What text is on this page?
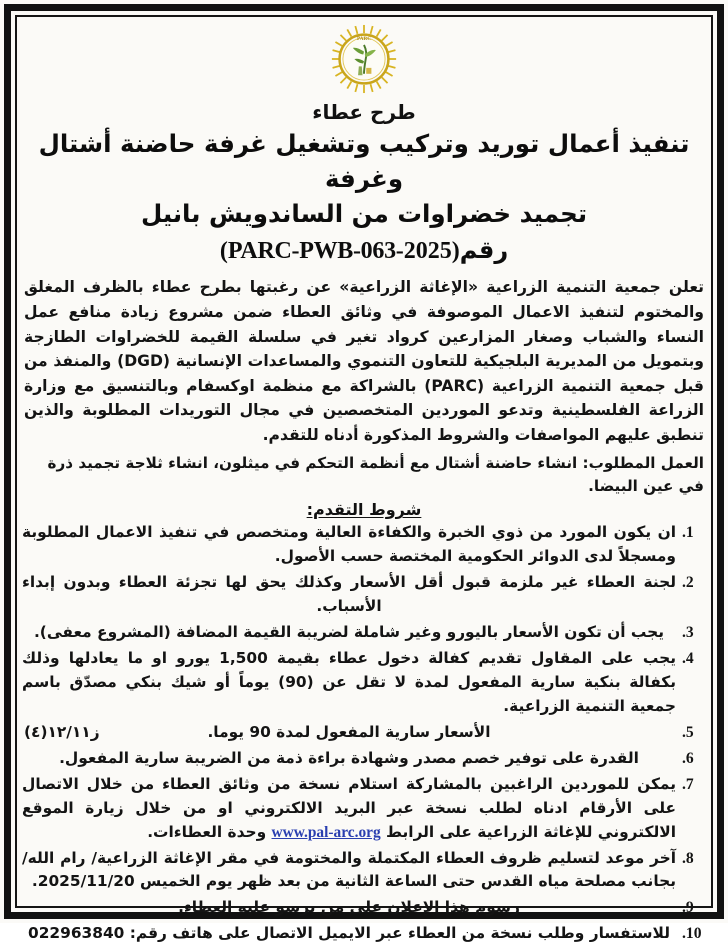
PARC
طرح عطاء
تنفيذ أعمال توريد وتركيب وتشغيل غرفة حاضنة أشتال وغرفة
تجميد خضراوات من الساندويش بانيل
رقم(2025-PARC-PWB-063)

تعلن جمعية التنمية الزراعية «الإغاثة الزراعية» عن رغبتها بطرح عطاء بالظرف المغلق والمختوم لتنفيذ الاعمال الموصوفة في وثائق العطاء ضمن مشروع زيادة منافع عمل النساء والشباب وصغار المزارعين كرواد تغير في سلسلة القيمة للخضراوات الطازجة وبتمويل من المديرية البلجيكية للتعاون التنموي والمساعدات الإنسانية (DGD) والمنفذ من قبل جمعية التنمية الزراعية (PARC) بالشراكة مع منظمة اوكسفام وبالتنسيق مع وزارة الزراعة الفلسطينية وتدعو الموردين المتخصصين في مجال التوريدات المطلوبة والذين تنطبق عليهم المواصفات والشروط المذكورة أدناه للتقدم.

العمل المطلوب: انشاء حاضنة أشتال مع أنظمة التحكم في ميثلون، انشاء ثلاجة تجميد ذرة في عين البيضا.
شروط التقدم:
1.
ان يكون المورد من ذوي الخبرة والكفاءة العالية ومتخصص في تنفيذ الاعمال المطلوبة ومسجلاً لدى الدوائر الحكومية المختصة حسب الأصول.
2.
لجنة العطاء غير ملزمة قبول أقل الأسعار وكذلك يحق لها تجزئة العطاء وبدون إبداء الأسباب.
3.
يجب أن تكون الأسعار باليورو وغير شاملة لضريبة القيمة المضافة (المشروع معفى).
4.
يجب على المقاول تقديم كفالة دخول عطاء بقيمة 1,500 يورو او ما يعادلها وذلك بكفالة بنكية سارية المفعول لمدة لا تقل عن (90) يوماً أو شيك بنكي مصدّق باسم جمعية التنمية الزراعية.
ز١٢/١١(٤)	5.
الأسعار سارية المفعول لمدة 90 يوما.
6.
القدرة على توفير خصم مصدر وشهادة براءة ذمة من الضريبة سارية المفعول.
7.
يمكن للموردين الراغبين بالمشاركة استلام نسخة من وثائق العطاء من خلال الاتصال على الأرقام ادناه لطلب نسخة عبر البريد الالكتروني او من خلال زيارة الموقع الالكتروني للإغاثة الزراعية على الرابط www.pal-arc.org وحدة العطاءات.
8.
آخر موعد لتسليم ظروف العطاء المكتملة والمختومة في مقر الإغاثة الزراعية/ رام الله/ بجانب مصلحة مياه القدس حتى الساعة الثانية من بعد ظهر يوم الخميس 2025/11/20.
9.
رسوم هذا الإعلان على من يرسو عليه العطاء.
10.
للاستفسار وطلب نسخة من العطاء عبر الايميل الاتصال على هاتف رقم: 022963840
